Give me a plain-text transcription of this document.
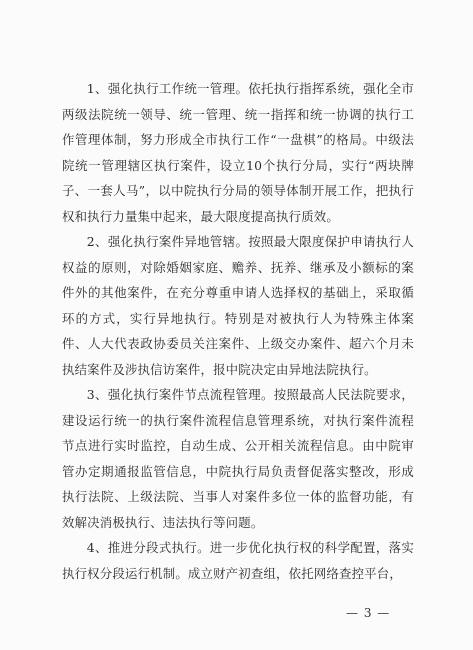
1、强化执行工作统一管理。依托执行指挥系统，强化全市两级法院统一领导、统一管理、统一指挥和统一协调的执行工作管理体制，努力形成全市执行工作“一盘棋”的格局。中级法院统一管理辖区执行案件，设立10个执行分局，实行“两块牌子、一套人马”，以中院执行分局的领导体制开展工作，把执行权和执行力量集中起来，最大限度提高执行质效。

2、强化执行案件异地管辖。按照最大限度保护申请执行人权益的原则，对除婚姻家庭、赡养、抚养、继承及小额标的案件外的其他案件，在充分尊重申请人选择权的基础上，采取循环的方式，实行异地执行。特别是对被执行人为特殊主体案件、人大代表政协委员关注案件、上级交办案件、超六个月未执结案件及涉执信访案件，报中院决定由异地法院执行。

3、强化执行案件节点流程管理。按照最高人民法院要求，建设运行统一的执行案件流程信息管理系统，对执行案件流程节点进行实时监控，自动生成、公开相关流程信息。由中院审管办定期通报监管信息，中院执行局负责督促落实整改，形成执行法院、上级法院、当事人对案件多位一体的监督功能，有效解决消极执行、违法执行等问题。

4、推进分段式执行。进一步优化执行权的科学配置，落实执行权分段运行机制。成立财产初查组，依托网络查控平台，

— 3 —
